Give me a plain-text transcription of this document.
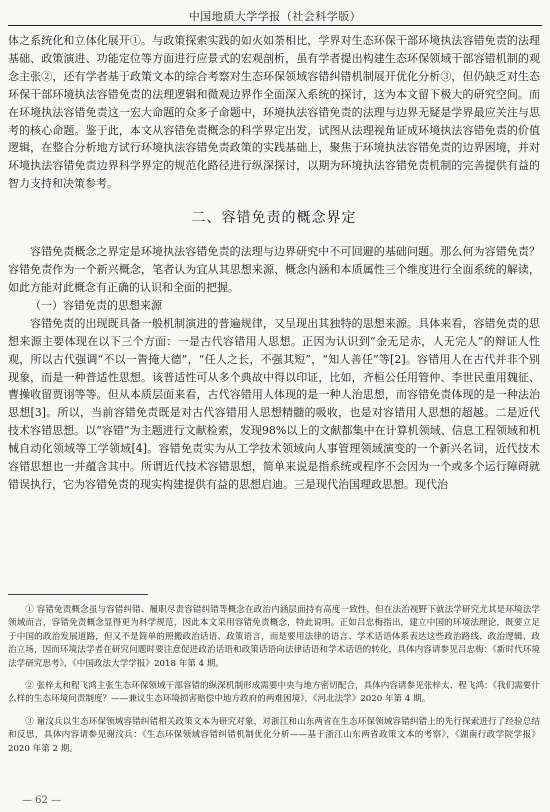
中国地质大学学报（社会科学版）

体之系统化和立体化展开①。与政策探索实践的如火如荼相比，学界对生态环保干部环境执法容错免责的法理基础、政策演进、功能定位等方面进行应景式的宏观剖析，虽有学者提出构建生态环保领域干部容错机制的观念主张②，还有学者基于政策文本的综合考察对生态环保领域容错纠错机制展开优化分析③，但仍缺乏对生态环保干部环境执法容错免责的法理逻辑和微观边界作全面深入系统的探讨，这为本文留下极大的研究空间。而在环境执法容错免责这一宏大命题的众多子命题中，环境执法容错免责的法理与边界无疑是学界最应关注与思考的核心命题。鉴于此，本文从容错免责概念的科学界定出发，试图从法理视角证成环境执法容错免责的价值逻辑，在整合分析地方试行环境执法容错免责政策的实践基础上，聚焦于环境执法容错免责的边界困境，并对环境执法容错免责边界科学界定的规范化路径进行纵深探讨，以期为环境执法容错免责机制的完善提供有益的智力支持和决策参考。

二、容错免责的概念界定

容错免责概念之界定是环境执法容错免责的法理与边界研究中不可回避的基础问题。那么何为容错免责？容错免责作为一个新兴概念，笔者认为宜从其思想来源、概念内涵和本质属性三个维度进行全面系统的解读，如此方能对此概念有正确的认识和全面的把握。

（一）容错免责的思想来源

容错免责的出现既具备一般机制演进的普遍规律，又呈现出其独特的思想来源。具体来看，容错免责的思想来源主要体现在以下三个方面：一是古代容错用人思想。正因为认识到“金无足赤，人无完人”的辩证人性观，所以古代强调“不以一眚掩大德”，“任人之长，不强其短”，“知人善任”等[2]。容错用人在古代并非个别现象，而是一种普适性思想。该普适性可从多个典故中得以印证，比如，齐桓公任用管仲、李世民重用魏征、曹操收留贾诩等等。但从本质层面来看，古代容错用人体现的是一种人治思想，而容错免责体现的是一种法治思想[3]。所以，当前容错免责既是对古代容错用人思想精髓的吸收，也是对容错用人思想的超越。二是近代技术容错思想。以“容错”为主题进行文献检索，发现98%以上的文献都集中在计算机领域、信息工程领域和机械自动化领域等工学领域[4]。容错免责实为从工学技术领域向人事管理领域演变的一个新兴名词，近代技术容错思想也一并蕴含其中。所谓近代技术容错思想，简单来说是指系统或程序不会因为一个或多个运行障碍就错误执行，它为容错免责的现实构建提供有益的思想启迪。三是现代治国理政思想。现代治

① 容错免责概念虽与容错纠错、履职尽责容错纠错等概念在政治内涵层面持有高度一致性，但在法治视野下就法学研究尤其是环境法学领域而言，容错免责概念显得更为科学规范，因此本文采用容错免责概念，特此说明。正如吕忠梅指出，建立中国的环境法理论，既要立足于中国的政治发展道路，但又不是简单的照搬政治话语、政策语言，而是要用法律的语言、学术话语体系表达这些政治路线、政治逻辑、政治立场，因而环境法学者在研究问题时要注意促进政治话语和政策话语向法律话语和学术话语的转化，具体内容请参见吕忠梅：《新时代环境法学研究思考》，《中国政法大学学报》2018 年第 4 期。

② 张梓太和程飞鸿主张生态环保领域干部容错的纵深机制形成需要中央与地方密切配合，具体内容请参见张梓太、程飞鸿：《我们需要什么样的生态环境问责制度？——兼议生态环境损害赔偿中地方政府的两难困境》，《河北法学》2020 年第 4 期。

③ 谢汶兵以生态环保领域容错纠错相关政策文本为研究对象，对浙江和山东两省在生态环保领域容错纠错上的先行探索进行了经验总结和反思，具体内容请参见谢汶兵：《生态环保领域容错纠错机制优化分析——基于浙江山东两省政策文本的考察》，《湖南行政学院学报》2020 年第 2 期。

— 62 —
